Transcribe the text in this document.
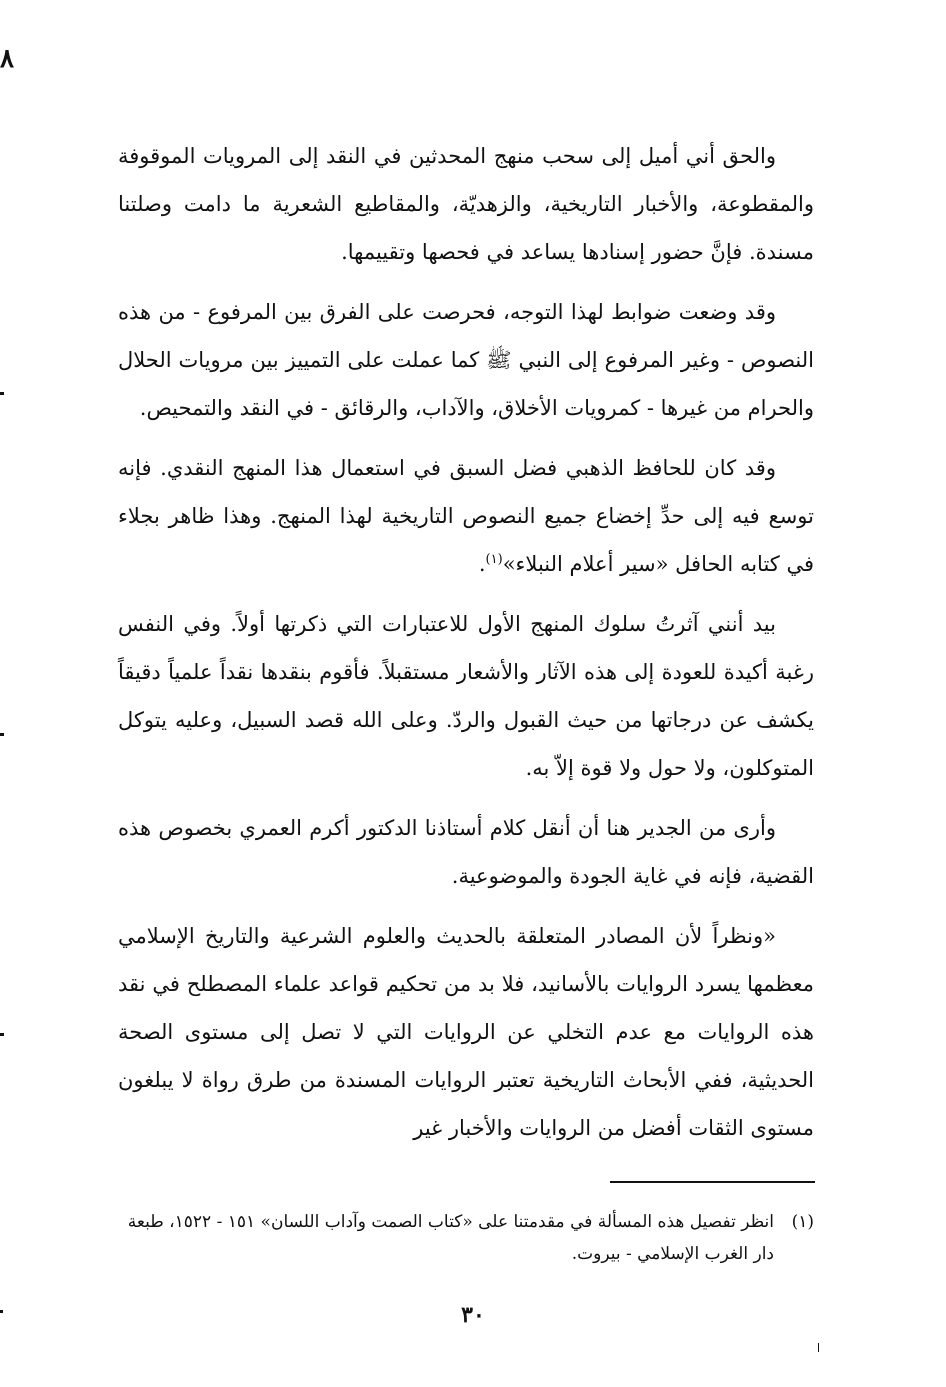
٨

والحق أني أميل إلى سحب منهج المحدثين في النقد إلى المرويات الموقوفة والمقطوعة، والأخبار التاريخية، والزهديّة، والمقاطيع الشعرية ما دامت وصلتنا مسندة. فإنَّ حضور إسنادها يساعد في فحصها وتقييمها.

وقد وضعت ضوابط لهذا التوجه، فحرصت على الفرق بين المرفوع - من هذه النصوص - وغير المرفوع إلى النبي ﷺ كما عملت على التمييز بين مرويات الحلال والحرام من غيرها - كمرويات الأخلاق، والآداب، والرقائق - في النقد والتمحيص.

وقد كان للحافظ الذهبي فضل السبق في استعمال هذا المنهج النقدي. فإنه توسع فيه إلى حدِّ إخضاع جميع النصوص التاريخية لهذا المنهج. وهذا ظاهر بجلاء في كتابه الحافل «سير أعلام النبلاء»$^{(١)}$.

بيد أنني آثرتُ سلوك المنهج الأول للاعتبارات التي ذكرتها أولاً. وفي النفس رغبة أكيدة للعودة إلى هذه الآثار والأشعار مستقبلاً. فأقوم بنقدها نقداً علمياً دقيقاً يكشف عن درجاتها من حيث القبول والردّ. وعلى الله قصد السبيل، وعليه يتوكل المتوكلون، ولا حول ولا قوة إلاّ به.

وأرى من الجدير هنا أن أنقل كلام أستاذنا الدكتور أكرم العمري بخصوص هذه القضية، فإنه في غاية الجودة والموضوعية.

«ونظراً لأن المصادر المتعلقة بالحديث والعلوم الشرعية والتاريخ الإسلامي معظمها يسرد الروايات بالأسانيد، فلا بد من تحكيم قواعد علماء المصطلح في نقد هذه الروايات مع عدم التخلي عن الروايات التي لا تصل إلى مستوى الصحة الحديثية، ففي الأبحاث التاريخية تعتبر الروايات المسندة من طرق رواة لا يبلغون مستوى الثقات أفضل من الروايات والأخبار غير

(١)
انظر تفصيل هذه المسألة في مقدمتنا على «كتاب الصمت وآداب اللسان» ١٥١ - ١٥٢٢، طبعة دار الغرب الإسلامي - بيروت.
٣٠
